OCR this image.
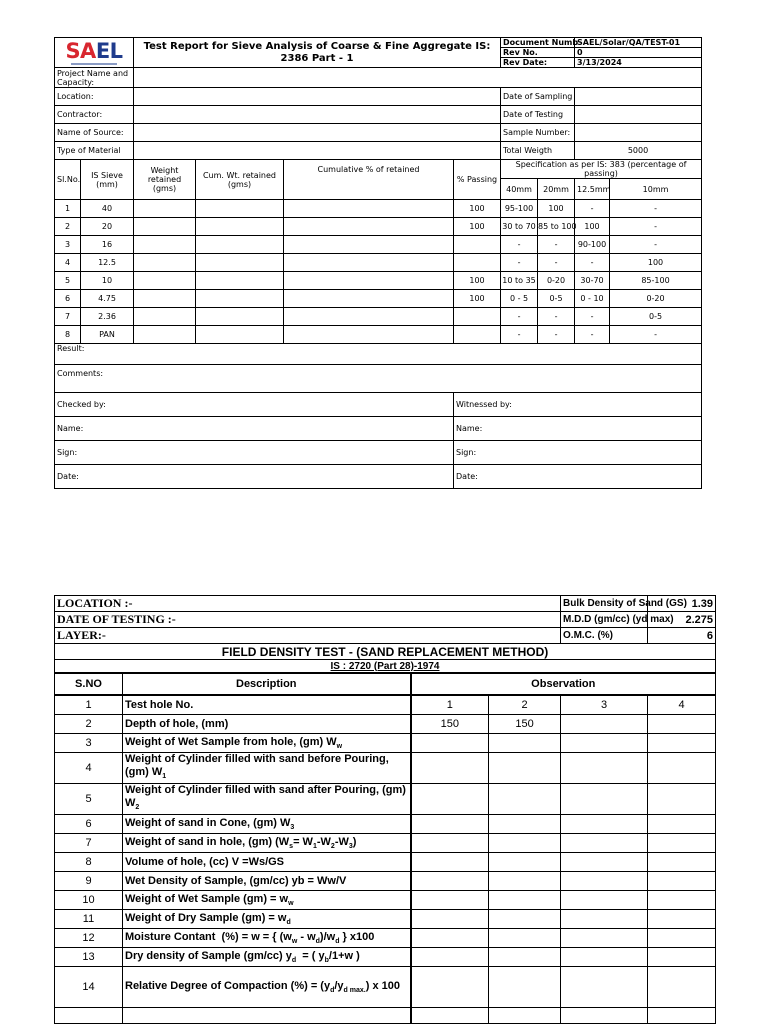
SAEL		Test Report for Sieve Analysis of Coarse & Fine Aggregate IS: 2386 Part - 1				Document Numb		SAEL/Solar/QA/TEST-01	
						Rev No.		0	
						Rev Date:		3/13/2024	
Project Name and Capacity:									
Location:						Date of Sampling			
Contractor:						Date of Testing			
Name of Source:						Sample Number:			
Type of Material						Total Weigth		5000	
Sl.No.	IS Sieve (mm)	Weight retained (gms)	Cum. Wt. retained (gms)	Cumulative % of retained	% Passing	Specification as per IS: 383 (percentage of passing)			
						40mm	20mm	12.5mm	10mm
1	40				100	95-100	100	-	-
2	20				100	30 to 70	85 to 100	100	-
3	16					-	-	90-100	-
4	12.5					-	-	-	100
5	10				100	10 to 35	0-20	30-70	85-100
6	4.75				100	0 - 5	0-5	0 - 10	0-20
7	2.36					-	-	-	0-5
8	PAN					-	-	-	-
Result:									
Comments:									
Checked by:					Witnessed by:				
Name:					Name:				
Sign:					Sign:				
Date:					Date:				
LOCATION :-				Bulk Density of Sand (GS)	1.39
DATE OF TESTING :-				M.D.D (gm/cc) (yd max)	2.275
LAYER:-				O.M.C. (%)	6
FIELD DENSITY TEST - (SAND REPLACEMENT METHOD)					
IS : 2720 (Part 28)-1974					
S.NO	Description	Observation			
1	Test hole No.	1	2	3	4
2	Depth of hole, (mm)	150	150		
3	Weight of Wet Sample from hole, (gm) $W_w$				
4	Weight of Cylinder filled with sand before Pouring, (gm) $W_1$				
5	Weight of Cylinder filled with sand after Pouring, (gm) $W_2$				
6	Weight of sand in Cone, (gm) $W_3$				
7	Weight of sand in hole, (gm) $(W_s= W_1-W_2-W_3)$				
8	Volume of hole, (cc) V =Ws/GS				
9	Wet Density of Sample, (gm/cc) yb = Ww/V				
10	Weight of Wet Sample $(gm) = w_w$				
11	Weight of Dry Sample $(gm) = w_d$				
12	Moisture Contant  (%) = w = { $(w_w - w_d)/w_d$ } x100				
13	Dry density of Sample (gm/cc) $y_d$  = ( $y_b/1+w$ )				
14	Relative Degree of Compaction (%) = $(y_d/y_{d max.})$ x 100				
